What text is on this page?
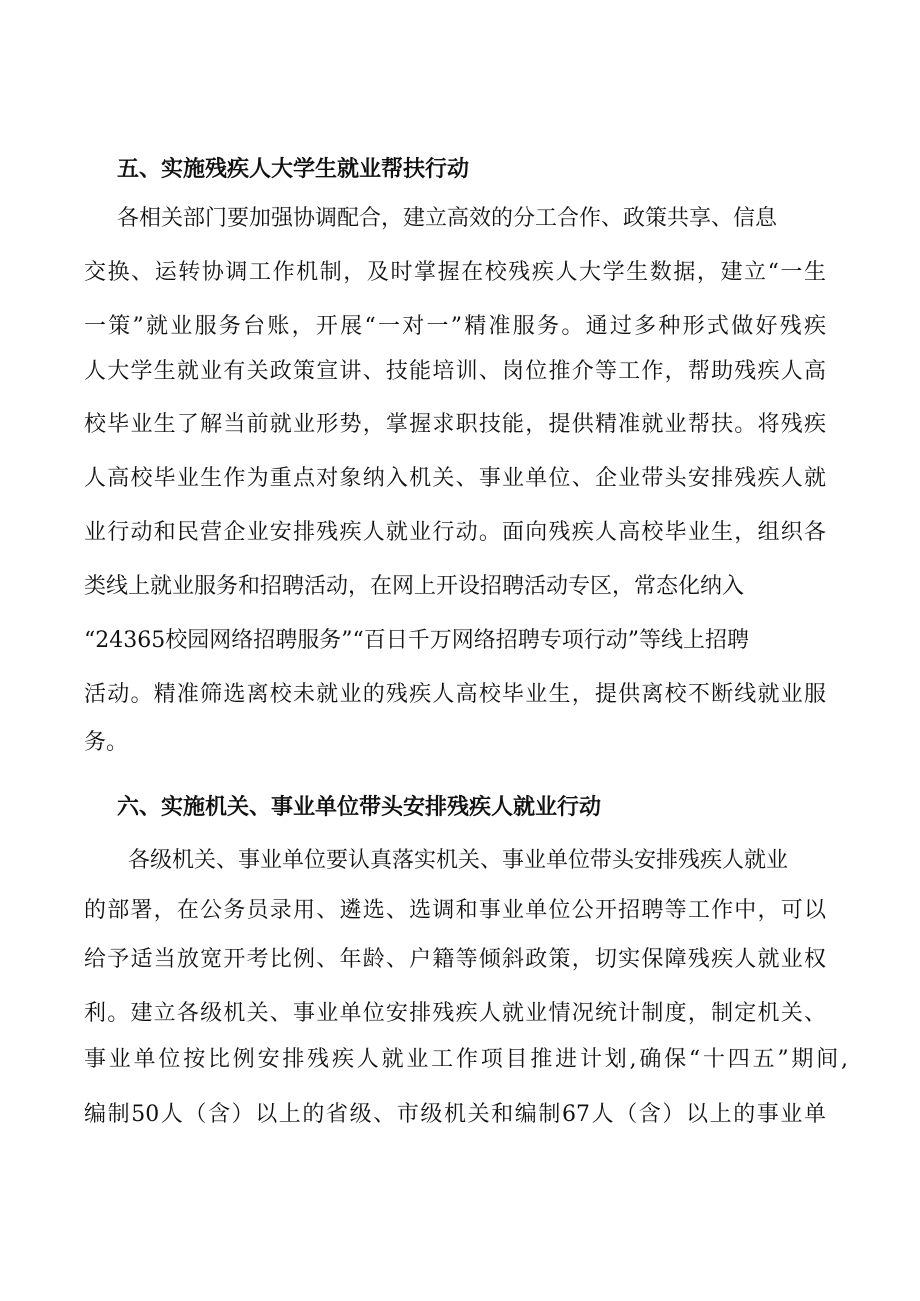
五、实施残疾人大学生就业帮扶行动

各相关部门要加强协调配合，建立高效的分工合作、政策共享、信息

交换、运转协调工作机制，及时掌握在校残疾人大学生数据，建立“一生

一策”就业服务台账，开展“一对一”精准服务。通过多种形式做好残疾

人大学生就业有关政策宣讲、技能培训、岗位推介等工作，帮助残疾人高

校毕业生了解当前就业形势，掌握求职技能，提供精准就业帮扶。将残疾

人高校毕业生作为重点对象纳入机关、事业单位、企业带头安排残疾人就

业行动和民营企业安排残疾人就业行动。面向残疾人高校毕业生，组织各

类线上就业服务和招聘活动，在网上开设招聘活动专区，常态化纳入

“24365校园网络招聘服务”“百日千万网络招聘专项行动”等线上招聘

活动。精准筛选离校未就业的残疾人高校毕业生，提供离校不断线就业服

务。

六、实施机关、事业单位带头安排残疾人就业行动

各级机关、事业单位要认真落实机关、事业单位带头安排残疾人就业

的部署，在公务员录用、遴选、选调和事业单位公开招聘等工作中，可以

给予适当放宽开考比例、年龄、户籍等倾斜政策，切实保障残疾人就业权

利。建立各级机关、事业单位安排残疾人就业情况统计制度，制定机关、

事业单位按比例安排残疾人就业工作项目推进计划,确保“十四五”期间,

编制50人（含）以上的省级、市级机关和编制67人（含）以上的事业单
